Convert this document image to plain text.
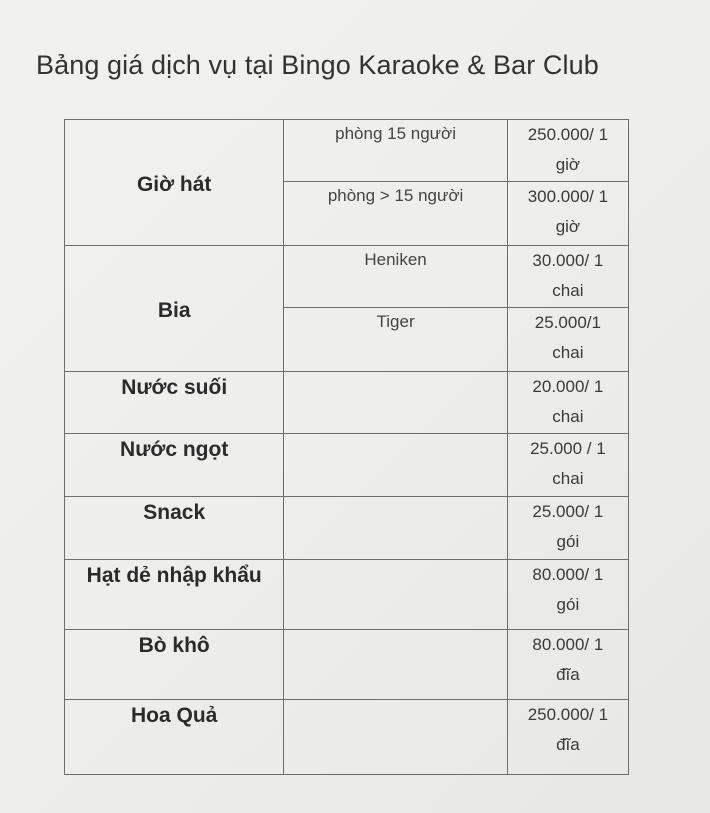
Bảng giá dịch vụ tại Bingo Karaoke & Bar Club
Giờ hát	phòng 15 người	250.000/ 1
giờ

	phòng > 15 người	300.000/ 1
giờ

Bia	Heniken	30.000/ 1
chai

	Tiger	25.000/1
chai

Nước suối		20.000/ 1
chai

Nước ngọt		25.000 / 1
chai

Snack		25.000/ 1
gói

Hạt dẻ nhập khẩu		80.000/ 1
gói

Bò khô		80.000/ 1
đĩa

Hoa Quả		250.000/ 1
đĩa
